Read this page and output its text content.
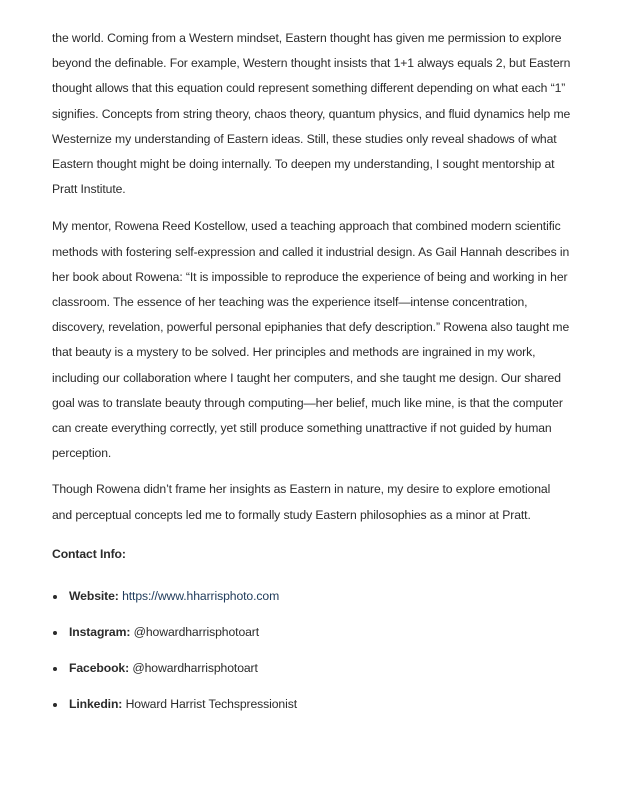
the world. Coming from a Western mindset, Eastern thought has given me permission to explore beyond the definable. For example, Western thought insists that 1+1 always equals 2, but Eastern thought allows that this equation could represent something different depending on what each “1” signifies. Concepts from string theory, chaos theory, quantum physics, and fluid dynamics help me Westernize my understanding of Eastern ideas. Still, these studies only reveal shadows of what Eastern thought might be doing internally. To deepen my understanding, I sought mentorship at Pratt Institute.

My mentor, Rowena Reed Kostellow, used a teaching approach that combined modern scientific methods with fostering self-expression and called it industrial design. As Gail Hannah describes in her book about Rowena: “It is impossible to reproduce the experience of being and working in her classroom. The essence of her teaching was the experience itself—intense concentration, discovery, revelation, powerful personal epiphanies that defy description.” Rowena also taught me that beauty is a mystery to be solved. Her principles and methods are ingrained in my work, including our collaboration where I taught her computers, and she taught me design. Our shared goal was to translate beauty through computing—her belief, much like mine, is that the computer can create everything correctly, yet still produce something unattractive if not guided by human perception.

Though Rowena didn’t frame her insights as Eastern in nature, my desire to explore emotional and perceptual concepts led me to formally study Eastern philosophies as a minor at Pratt.

Contact Info:
Website: https://www.hharrisphoto.com
Instagram: @howardharrisphotoart
Facebook: @howardharrisphotoart
Linkedin: Howard Harrist Techspressionist
